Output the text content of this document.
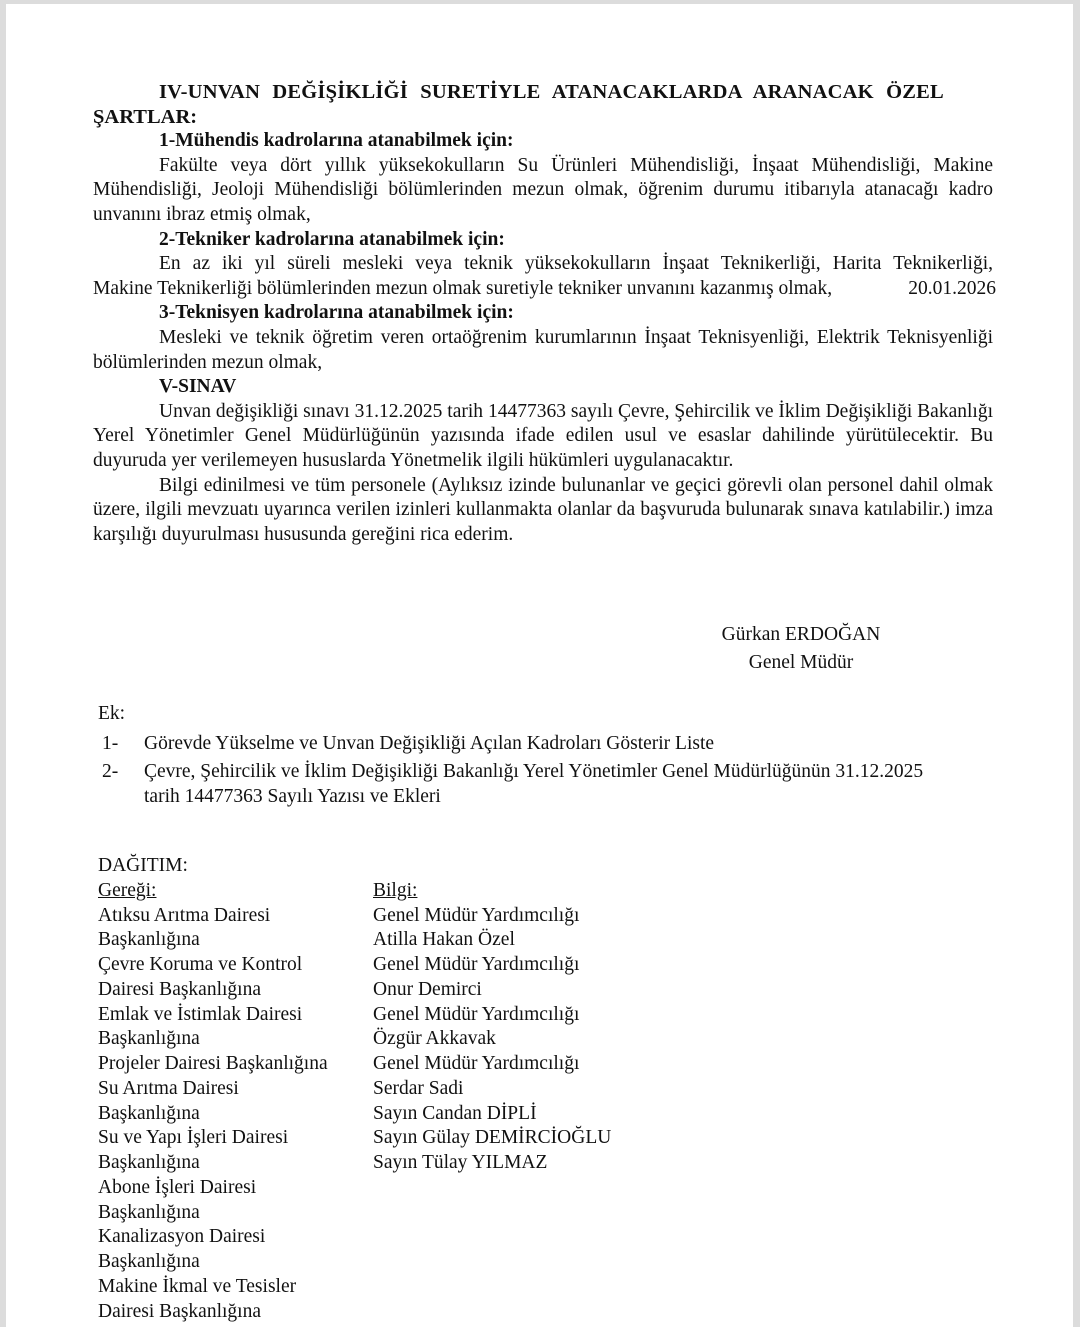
IV-UNVAN DEĞİŞİKLİĞİ SURETİYLE ATANACAKLARDA ARANACAK ÖZEL

ŞARTLAR:

1-Mühendis kadrolarına atanabilmek için:

Fakülte veya dört yıllık yüksekokulların Su Ürünleri Mühendisliği, İnşaat Mühendisliği, Makine Mühendisliği, Jeoloji Mühendisliği bölümlerinden mezun olmak, öğrenim durumu itibarıyla atanacağı kadro unvanını ibraz etmiş olmak,

2-Tekniker kadrolarına atanabilmek için:

En az iki yıl süreli mesleki veya teknik yüksekokulların İnşaat Teknikerliği, Harita Teknikerliği,

Makine Teknikerliği bölümlerinden mezun olmak suretiyle tekniker unvanını kazanmış olmak,	20.01.2026

3-Teknisyen kadrolarına atanabilmek için:

Mesleki ve teknik öğretim veren ortaöğrenim kurumlarının İnşaat Teknisyenliği, Elektrik Teknisyenliği bölümlerinden mezun olmak,

V-SINAV

Unvan değişikliği sınavı 31.12.2025 tarih 14477363 sayılı Çevre, Şehircilik ve İklim Değişikliği Bakanlığı Yerel Yönetimler Genel Müdürlüğünün yazısında ifade edilen usul ve esaslar dahilinde yürütülecektir. Bu duyuruda yer verilemeyen hususlarda Yönetmelik ilgili hükümleri uygulanacaktır.

Bilgi edinilmesi ve tüm personele (Aylıksız izinde bulunanlar ve geçici görevli olan personel dahil olmak üzere, ilgili mevzuatı uyarınca verilen izinleri kullanmakta olanlar da başvuruda bulunarak sınava katılabilir.) imza karşılığı duyurulması hususunda gereğini rica ederim.

Gürkan ERDOĞAN
Genel Müdür
Ek:
1-	Görevde Yükselme ve Unvan Değişikliği Açılan Kadroları Gösterir Liste
2-	Çevre, Şehircilik ve İklim Değişikliği Bakanlığı Yerel Yönetimler Genel Müdürlüğünün 31.12.2025 tarih 14477363 Sayılı Yazısı ve Ekleri
DAĞITIM:
Gereği:
Atıksu Arıtma Dairesi
Başkanlığına
Çevre Koruma ve Kontrol
Dairesi Başkanlığına
Emlak ve İstimlak Dairesi
Başkanlığına
Projeler Dairesi Başkanlığına
Su Arıtma Dairesi
Başkanlığına
Su ve Yapı İşleri Dairesi
Başkanlığına
Abone İşleri Dairesi
Başkanlığına
Kanalizasyon Dairesi
Başkanlığına
Makine İkmal ve Tesisler
Dairesi Başkanlığına
Bilgi:
Genel Müdür Yardımcılığı
Atilla Hakan Özel
Genel Müdür Yardımcılığı
Onur Demirci
Genel Müdür Yardımcılığı
Özgür Akkavak
Genel Müdür Yardımcılığı
Serdar Sadi
Sayın Candan DİPLİ
Sayın Gülay DEMİRCİOĞLU
Sayın Tülay YILMAZ
